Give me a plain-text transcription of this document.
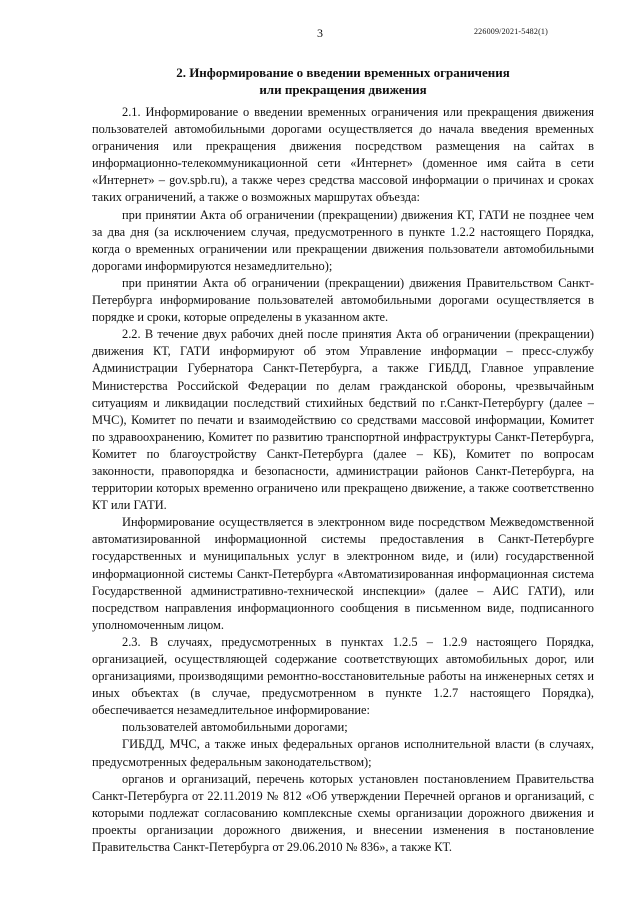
3	226009/2021-5482(1)
2. Информирование о введении временных ограничения
или прекращения движения

2.1. Информирование о введении временных ограничения или прекращения движения пользователей автомобильными дорогами осуществляется до начала введения временных ограничения или прекращения движения посредством размещения на сайтах в информационно-телекоммуникационной сети «Интернет» (доменное имя сайта в сети «Интернет» – gov.spb.ru), а также через средства массовой информации о причинах и сроках таких ограничений, а также о возможных маршрутах объезда:

при принятии Акта об ограничении (прекращении) движения КТ, ГАТИ не позднее чем за два дня (за исключением случая, предусмотренного в пункте 1.2.2 настоящего Порядка, когда о временных ограничении или прекращении движения пользователи автомобильными дорогами информируются незамедлительно);

при принятии Акта об ограничении (прекращении) движения Правительством Санкт-Петербурга информирование пользователей автомобильными дорогами осуществляется в порядке и сроки, которые определены в указанном акте.

2.2. В течение двух рабочих дней после принятия Акта об ограничении (прекращении) движения КТ, ГАТИ информируют об этом Управление информации – пресс-службу Администрации Губернатора Санкт-Петербурга, а также ГИБДД, Главное управление Министерства Российской Федерации по делам гражданской обороны, чрезвычайным ситуациям и ликвидации последствий стихийных бедствий по г.Санкт-Петербургу (далее – МЧС), Комитет по печати и взаимодействию со средствами массовой информации, Комитет по здравоохранению, Комитет по развитию транспортной инфраструктуры Санкт-Петербурга, Комитет по благоустройству Санкт-Петербурга (далее – КБ), Комитет по вопросам законности, правопорядка и безопасности, администрации районов Санкт-Петербурга, на территории которых временно ограничено или прекращено движение, а также соответственно КТ или ГАТИ.

Информирование осуществляется в электронном виде посредством Межведомственной автоматизированной информационной системы предоставления в Санкт-Петербурге государственных и муниципальных услуг в электронном виде, и (или) государственной информационной системы Санкт-Петербурга «Автоматизированная информационная система Государственной административно-технической инспекции» (далее – АИС ГАТИ), или посредством направления информационного сообщения в письменном виде, подписанного уполномоченным лицом.

2.3. В случаях, предусмотренных в пунктах 1.2.5 – 1.2.9 настоящего Порядка, организацией, осуществляющей содержание соответствующих автомобильных дорог, или организациями, производящими ремонтно-восстановительные работы на инженерных сетях и иных объектах (в случае, предусмотренном в пункте 1.2.7 настоящего Порядка), обеспечивается незамедлительное информирование:

пользователей автомобильными дорогами;

ГИБДД, МЧС, а также иных федеральных органов исполнительной власти (в случаях, предусмотренных федеральным законодательством);

органов и организаций, перечень которых установлен постановлением Правительства Санкт-Петербурга от 22.11.2019 № 812 «Об утверждении Перечней органов и организаций, с которыми подлежат согласованию комплексные схемы организации дорожного движения и проекты организации дорожного движения, и внесении изменения в постановление Правительства Санкт-Петербурга от 29.06.2010 № 836», а также КТ.
